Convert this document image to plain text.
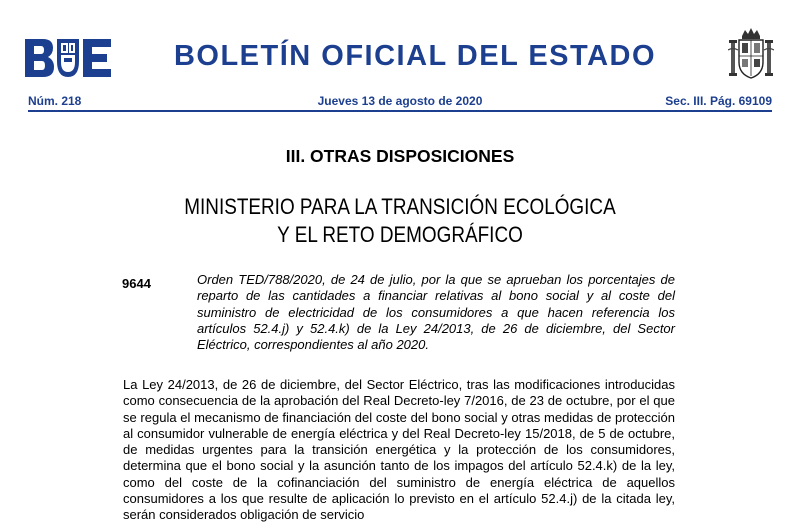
BOLETÍN OFICIAL DEL ESTADO
Núm. 218	Jueves 13 de agosto de 2020	Sec. III. Pág. 69109
III. OTRAS DISPOSICIONES
MINISTERIO PARA LA TRANSICIÓN ECOLÓGICA
Y EL RETO DEMOGRÁFICO
9644	Orden TED/788/2020, de 24 de julio, por la que se aprueban los porcentajes de reparto de las cantidades a financiar relativas al bono social y al coste del suministro de electricidad de los consumidores a que hacen referencia los artículos 52.4.j) y 52.4.k) de la Ley 24/2013, de 26 de diciembre, del Sector Eléctrico, correspondientes al año 2020.
La Ley 24/2013, de 26 de diciembre, del Sector Eléctrico, tras las modificaciones introducidas como consecuencia de la aprobación del Real Decreto-ley 7/2016, de 23 de octubre, por el que se regula el mecanismo de financiación del coste del bono social y otras medidas de protección al consumidor vulnerable de energía eléctrica y del Real Decreto-ley 15/2018, de 5 de octubre, de medidas urgentes para la transición energética y la protección de los consumidores, determina que el bono social y la asunción tanto de los impagos del artículo 52.4.k) de la ley, como del coste de la cofinanciación del suministro de energía eléctrica de aquellos consumidores a los que resulte de aplicación lo previsto en el artículo 52.4.j) de la citada ley, serán considerados obligación de servicio
